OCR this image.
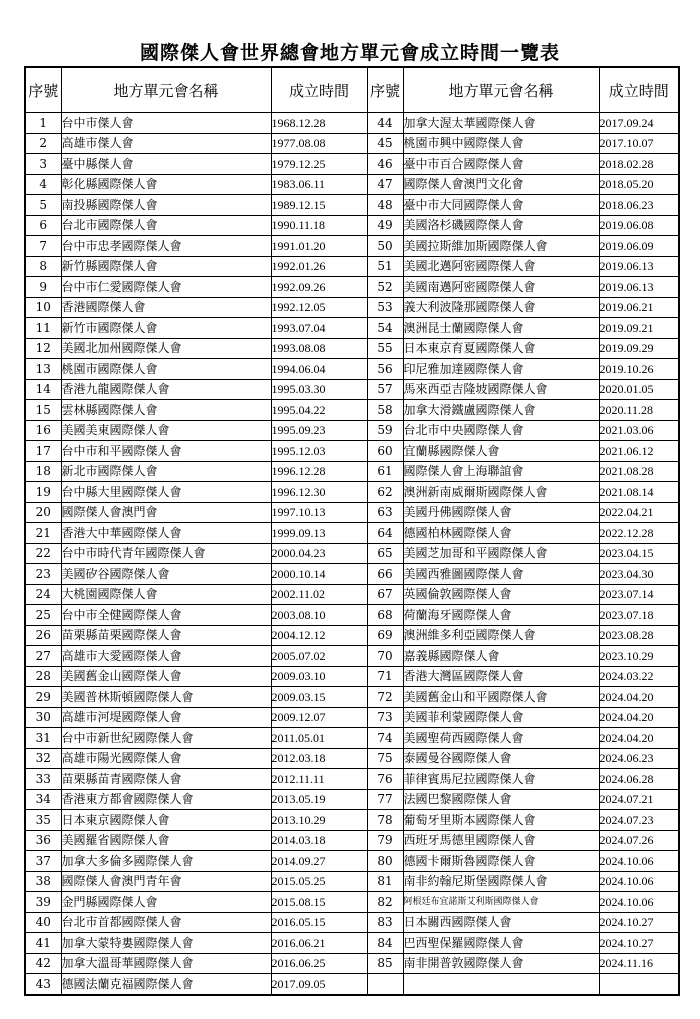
國際傑人會世界總會地方單元會成立時間一覽表
序號	地方單元會名稱	成立時間	序號	地方單元會名稱	成立時間
1	台中市傑人會	1968.12.28	44	加拿大渥太華國際傑人會	2017.09.24
2	高雄市傑人會	1977.08.08	45	桃園市興中國際傑人會	2017.10.07
3	臺中縣傑人會	1979.12.25	46	臺中市百合國際傑人會	2018.02.28
4	彰化縣國際傑人會	1983.06.11	47	國際傑人會澳門文化會	2018.05.20
5	南投縣國際傑人會	1989.12.15	48	臺中市大同國際傑人會	2018.06.23
6	台北市國際傑人會	1990.11.18	49	美國洛杉磯國際傑人會	2019.06.08
7	台中市忠孝國際傑人會	1991.01.20	50	美國拉斯維加斯國際傑人會	2019.06.09
8	新竹縣國際傑人會	1992.01.26	51	美國北邁阿密國際傑人會	2019.06.13
9	台中市仁愛國際傑人會	1992.09.26	52	美國南邁阿密國際傑人會	2019.06.13
10	香港國際傑人會	1992.12.05	53	義大利波隆那國際傑人會	2019.06.21
11	新竹市國際傑人會	1993.07.04	54	澳洲昆士蘭國際傑人會	2019.09.21
12	美國北加州國際傑人會	1993.08.08	55	日本東京育夏國際傑人會	2019.09.29
13	桃園市國際傑人會	1994.06.04	56	印尼雅加達國際傑人會	2019.10.26
14	香港九龍國際傑人會	1995.03.30	57	馬來西亞吉隆坡國際傑人會	2020.01.05
15	雲林縣國際傑人會	1995.04.22	58	加拿大滑鐵盧國際傑人會	2020.11.28
16	美國美東國際傑人會	1995.09.23	59	台北市中央國際傑人會	2021.03.06
17	台中市和平國際傑人會	1995.12.03	60	宜蘭縣國際傑人會	2021.06.12
18	新北市國際傑人會	1996.12.28	61	國際傑人會上海聯誼會	2021.08.28
19	台中縣大里國際傑人會	1996.12.30	62	澳洲新南威爾斯國際傑人會	2021.08.14
20	國際傑人會澳門會	1997.10.13	63	美國丹佛國際傑人會	2022.04.21
21	香港大中華國際傑人會	1999.09.13	64	德國柏林國際傑人會	2022.12.28
22	台中市時代青年國際傑人會	2000.04.23	65	美國芝加哥和平國際傑人會	2023.04.15
23	美國矽谷國際傑人會	2000.10.14	66	美國西雅圖國際傑人會	2023.04.30
24	大桃園國際傑人會	2002.11.02	67	英國倫敦國際傑人會	2023.07.14
25	台中市全健國際傑人會	2003.08.10	68	荷蘭海牙國際傑人會	2023.07.18
26	苗栗縣苗栗國際傑人會	2004.12.12	69	澳洲維多利亞國際傑人會	2023.08.28
27	高雄市大愛國際傑人會	2005.07.02	70	嘉義縣國際傑人會	2023.10.29
28	美國舊金山國際傑人會	2009.03.10	71	香港大灣區國際傑人會	2024.03.22
29	美國普林斯頓國際傑人會	2009.03.15	72	美國舊金山和平國際傑人會	2024.04.20
30	高雄市河堤國際傑人會	2009.12.07	73	美國菲利蒙國際傑人會	2024.04.20
31	台中市新世紀國際傑人會	2011.05.01	74	美國聖荷西國際傑人會	2024.04.20
32	高雄市陽光國際傑人會	2012.03.18	75	泰國曼谷國際傑人會	2024.06.23
33	苗栗縣苗青國際傑人會	2012.11.11	76	菲律賓馬尼拉國際傑人會	2024.06.28
34	香港東方都會國際傑人會	2013.05.19	77	法國巴黎國際傑人會	2024.07.21
35	日本東京國際傑人會	2013.10.29	78	葡萄牙里斯本國際傑人會	2024.07.23
36	美國羅省國際傑人會	2014.03.18	79	西班牙馬德里國際傑人會	2024.07.26
37	加拿大多倫多國際傑人會	2014.09.27	80	德國卡爾斯魯國際傑人會	2024.10.06
38	國際傑人會澳門青年會	2015.05.25	81	南非約翰尼斯堡國際傑人會	2024.10.06
39	金門縣國際傑人會	2015.08.15	82	阿根廷布宜諾斯艾利斯國際傑人會	2024.10.06
40	台北市首都國際傑人會	2016.05.15	83	日本關西國際傑人會	2024.10.27
41	加拿大蒙特婁國際傑人會	2016.06.21	84	巴西聖保羅國際傑人會	2024.10.27
42	加拿大溫哥華國際傑人會	2016.06.25	85	南非開普敦國際傑人會	2024.11.16
43	德國法蘭克福國際傑人會	2017.09.05			
